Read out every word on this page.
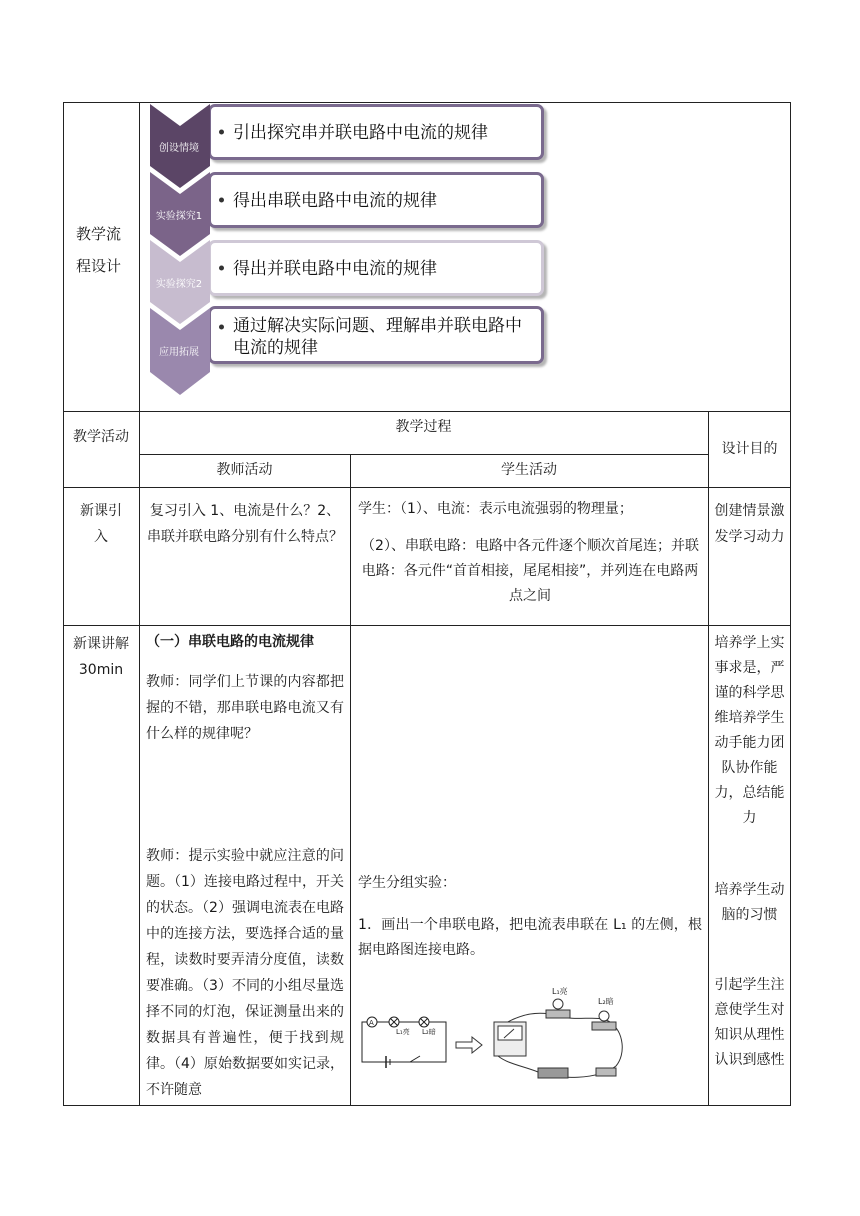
教学流程设计
引出探究串并联电路中电流的规律
得出串联电路中电流的规律
得出并联电路中电流的规律
通过解决实际问题、理解串并联电路中电流的规律
创设情境
实验探究1
实验探究2
应用拓展
教学活动
教学过程
设计目的
教师活动	学生活动
新课引入
复习引入 1、电流是什么？2、串联并联电路分别有什么特点？
学生：（1）、电流：表示电流强弱的物理量；
（2）、串联电路：电路中各元件逐个顺次首尾连；并联电路：各元件“首首相接，尾尾相接”，并列连在电路两点之间
创建情景激发学习动力
新课讲解 30min
（一）串联电路的电流规律
教师：同学们上节课的内容都把握的不错，那串联电路电流又有什么样的规律呢？
教师：提示实验中就应注意的问题。（1）连接电路过程中，开关的状态。（2）强调电流表在电路中的连接方法，要选择合适的量程，读数时要弄清分度值，读数要准确。（3）不同的小组尽量选择不同的灯泡，保证测量出来的数据具有普遍性，便于找到规律。（4）原始数据要如实记录，不许随意
学生分组实验：
1．画出一个串联电路，把电流表串联在 L₁ 的左侧，根据电路图连接电路。
培养学上实事求是，严谨的科学思维培养学生动手能力团队协作能力，总结能力
培养学生动脑的习惯
引起学生注意使学生对知识从理性认识到感性
A
L₁亮 L₂暗
L₁亮
L₂暗
